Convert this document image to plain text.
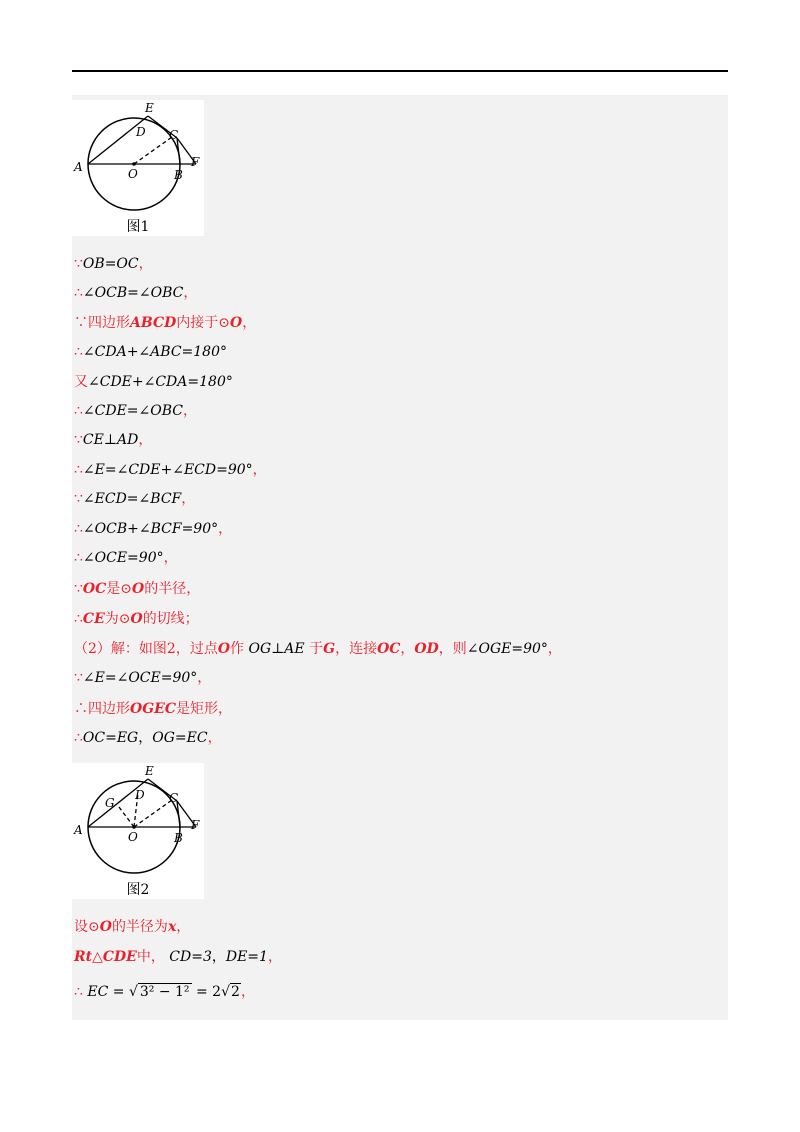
A
E
D C
F
O	B
图1
A
E
G
D C
F
O	B
图2
∵OB=OC，
∴∠OCB=∠OBC，
∵四边形ABCD内接于⊙O，
∴∠CDA+∠ABC=180°
又∠CDE+∠CDA=180°
∴∠CDE=∠OBC，
∵CE⊥AD，
∴∠E=∠CDE+∠ECD=90°，
∵∠ECD=∠BCF，
∴∠OCB+∠BCF=90°，
∴∠OCE=90°，
∵OC是⊙O的半径，
∴CE为⊙O的切线；
（2）解：如图2，过点O作 OG⊥AE 于G，连接OC，OD，则∠OGE=90°，
∵∠E=∠OCE=90°，
∴四边形OGEC是矩形，
∴OC=EG，OG=EC，
设⊙O的半径为x，
Rt△CDE中， CD=3，DE=1，
∴ EC = √ 3² − 1² = 2√2，
